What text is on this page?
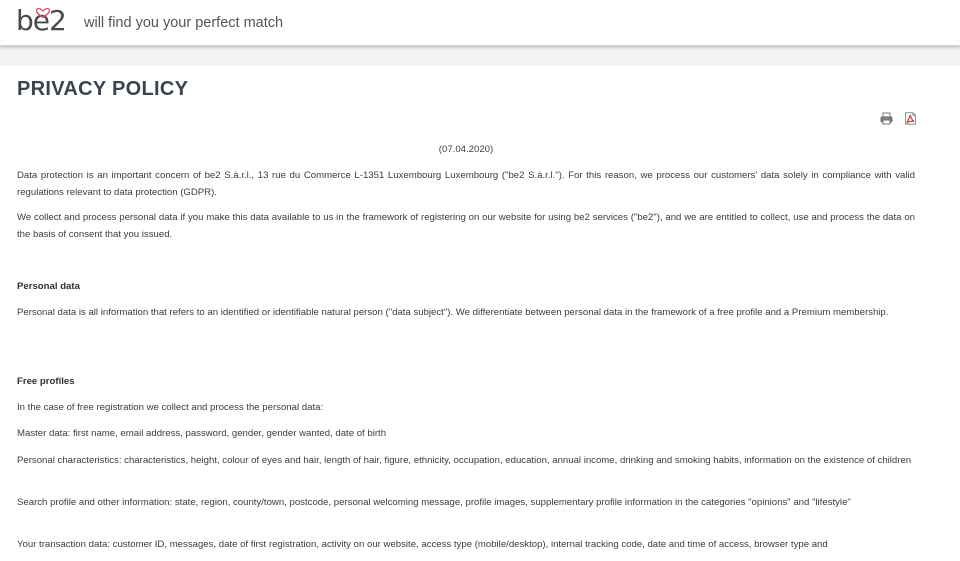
be2 will find you your perfect match
PRIVACY POLICY

(07.04.2020)

Data protection is an important concern of be2 S.à.r.l., 13 rue du Commerce L-1351 Luxembourg Luxembourg ("be2 S.à.r.l."). For this reason, we process our customers' data solely in compliance with valid regulations relevant to data protection (GDPR).

We collect and process personal data if you make this data available to us in the framework of registering on our website for using be2 services ("be2"), and we are entitled to collect, use and process the data on the basis of consent that you issued.

Personal data

Personal data is all information that refers to an identified or identifiable natural person ("data subject"). We differentiate between personal data in the framework of a free profile and a Premium membership.

Free profiles

In the case of free registration we collect and process the personal data:

Master data: first name, email address, password, gender, gender wanted, date of birth

Personal characteristics: characteristics, height, colour of eyes and hair, length of hair, figure, ethnicity, occupation, education, annual income, drinking and smoking habits, information on the existence of children

Search profile and other information: state, region, county/town, postcode, personal welcoming message, profile images, supplementary profile information in the categories "opinions" and "lifestyle"

Your transaction data: customer ID, messages, date of first registration, activity on our website, access type (mobile/desktop), internal tracking code, date and time of access, browser type and
